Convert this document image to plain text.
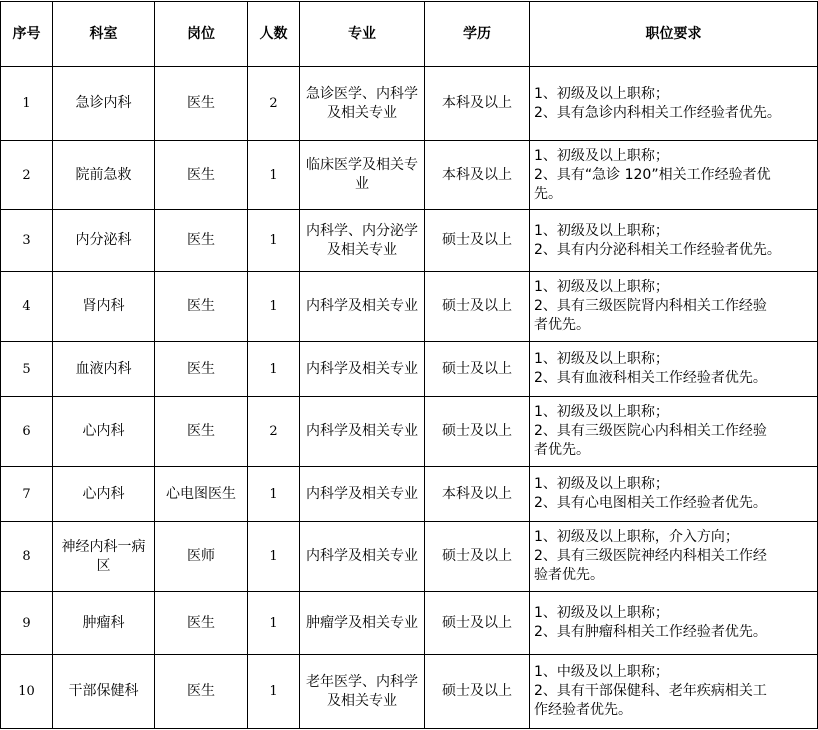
序号	科室	岗位	人数	专业	学历	职位要求
1	急诊内科	医生	2	急诊医学、内科学及相关专业	本科及以上	1、初级及以上职称；
2、具有急诊内科相关工作经验者优先。

2	院前急救	医生	1	临床医学及相关专业	本科及以上	1、初级及以上职称；
2、具有“急诊 120”相关工作经验者优
先。

3	内分泌科	医生	1	内科学、内分泌学及相关专业	硕士及以上	1、初级及以上职称；
2、具有内分泌科相关工作经验者优先。

4	肾内科	医生	1	内科学及相关专业	硕士及以上	1、初级及以上职称；
2、具有三级医院肾内科相关工作经验
者优先。

5	血液内科	医生	1	内科学及相关专业	硕士及以上	1、初级及以上职称；
2、具有血液科相关工作经验者优先。

6	心内科	医生	2	内科学及相关专业	硕士及以上	1、初级及以上职称；
2、具有三级医院心内科相关工作经验
者优先。

7	心内科	心电图医生	1	内科学及相关专业	本科及以上	1、初级及以上职称；
2、具有心电图相关工作经验者优先。

8	神经内科一病区	医师	1	内科学及相关专业	硕士及以上	1、初级及以上职称，介入方向；
2、具有三级医院神经内科相关工作经
验者优先。

9	肿瘤科	医生	1	肿瘤学及相关专业	硕士及以上	1、初级及以上职称；
2、具有肿瘤科相关工作经验者优先。

10	干部保健科	医生	1	老年医学、内科学及相关专业	硕士及以上	1、中级及以上职称；
2、具有干部保健科、老年疾病相关工
作经验者优先。
